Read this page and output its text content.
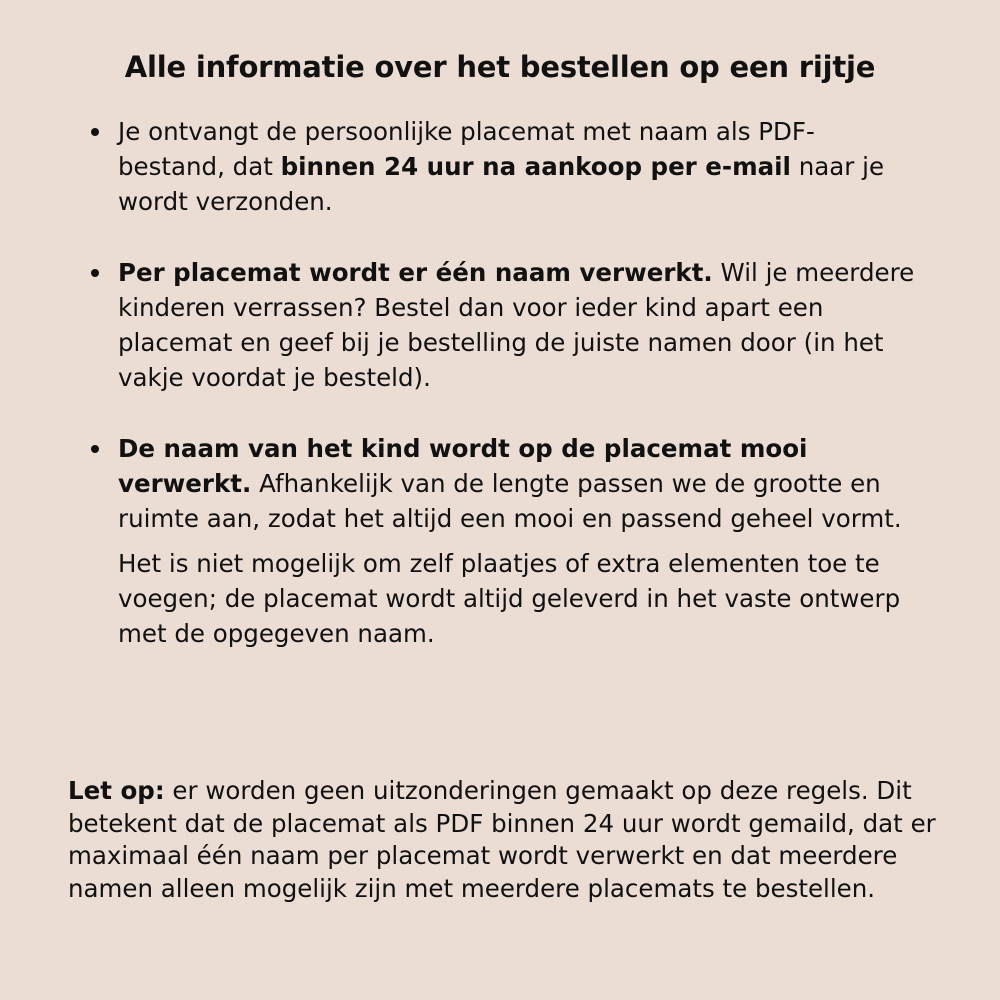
Alle informatie over het bestellen op een rijtje

Je ontvangt de persoonlijke placemat met naam als PDF-bestand, dat binnen 24 uur na aankoop per e-mail naar je wordt verzonden.

Per placemat wordt er één naam verwerkt. Wil je meerdere kinderen verrassen? Bestel dan voor ieder kind apart een placemat en geef bij je bestelling de juiste namen door (in het vakje voordat je besteld).

De naam van het kind wordt op de placemat mooi verwerkt. Afhankelijk van de lengte passen we de grootte en ruimte aan, zodat het altijd een mooi en passend geheel vormt.

Het is niet mogelijk om zelf plaatjes of extra elementen toe te voegen; de placemat wordt altijd geleverd in het vaste ontwerp met de opgegeven naam.

Let op: er worden geen uitzonderingen gemaakt op deze regels. Dit betekent dat de placemat als PDF binnen 24 uur wordt gemaild, dat er maximaal één naam per placemat wordt verwerkt en dat meerdere namen alleen mogelijk zijn met meerdere placemats te bestellen.
